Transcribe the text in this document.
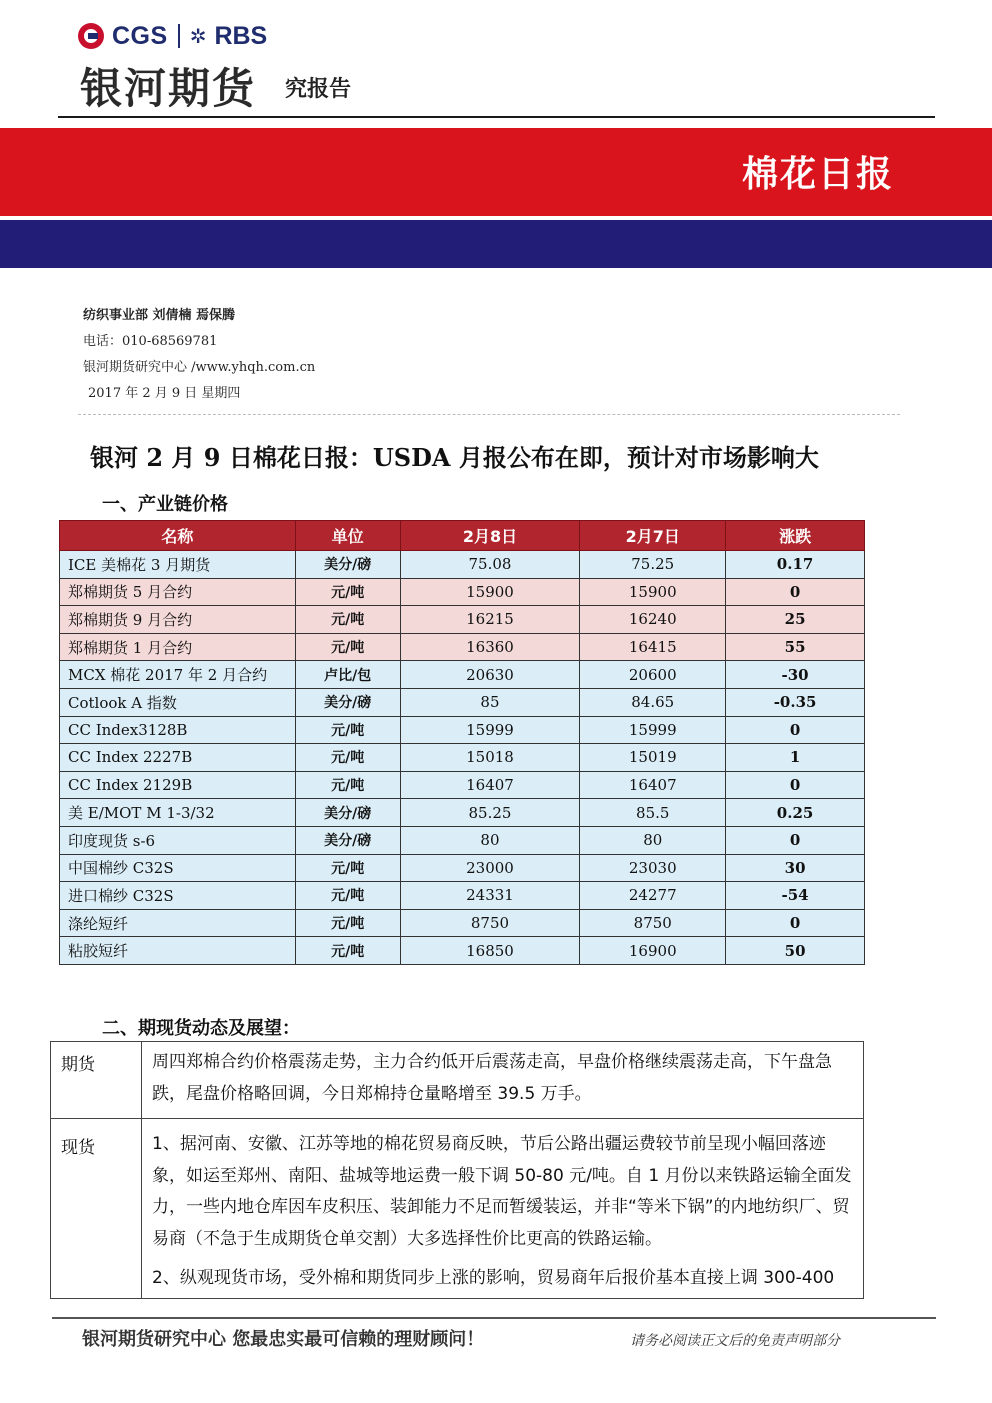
CGS ✲ RBS
银河期货 究报告
棉花日报
纺织事业部 刘倩楠 焉保腾
电话：010-68569781
银河期货研究中心 /www.yhqh.com.cn
2017 年 2 月 9 日 星期四
银河 2 月 9 日棉花日报：USDA 月报公布在即，预计对市场影响大
一、产业链价格
名称	单位	2月8日	2月7日	涨跌
ICE 美棉花 3 月期货	美分/磅	75.08	75.25	0.17
郑棉期货 5 月合约	元/吨	15900	15900	0
郑棉期货 9 月合约	元/吨	16215	16240	25
郑棉期货 1 月合约	元/吨	16360	16415	55
MCX 棉花 2017 年 2 月合约	卢比/包	20630	20600	-30
Cotlook A 指数	美分/磅	85	84.65	-0.35
CC Index3128B	元/吨	15999	15999	0
CC Index 2227B	元/吨	15018	15019	1
CC Index 2129B	元/吨	16407	16407	0
美 E/MOT M 1-3/32	美分/磅	85.25	85.5	0.25
印度现货 s-6	美分/磅	80	80	0
中国棉纱 C32S	元/吨	23000	23030	30
进口棉纱 C32S	元/吨	24331	24277	-54
涤纶短纤	元/吨	8750	8750	0
粘胶短纤	元/吨	16850	16900	50
二、期现货动态及展望：
期货	周四郑棉合约价格震荡走势，主力合约低开后震荡走高，早盘价格继续震荡走高，下午盘急跌，尾盘价格略回调，今日郑棉持仓量略增至 39.5 万手。

现货	1、据河南、安徽、江苏等地的棉花贸易商反映，节后公路出疆运费较节前呈现小幅回落迹象，如运至郑州、南阳、盐城等地运费一般下调 50-80 元/吨。自 1 月份以来铁路运输全面发力，一些内地仓库因车皮积压、装卸能力不足而暂缓装运，并非“等米下锅”的内地纺织厂、贸易商（不急于生成期货仓单交割）大多选择性价比更高的铁路运输。

2、纵观现货市场，受外棉和期货同步上涨的影响，贸易商年后报价基本直接上调 300-400

银河期货研究中心 您最忠实最可信赖的理财顾问！	请务必阅读正文后的免责声明部分
